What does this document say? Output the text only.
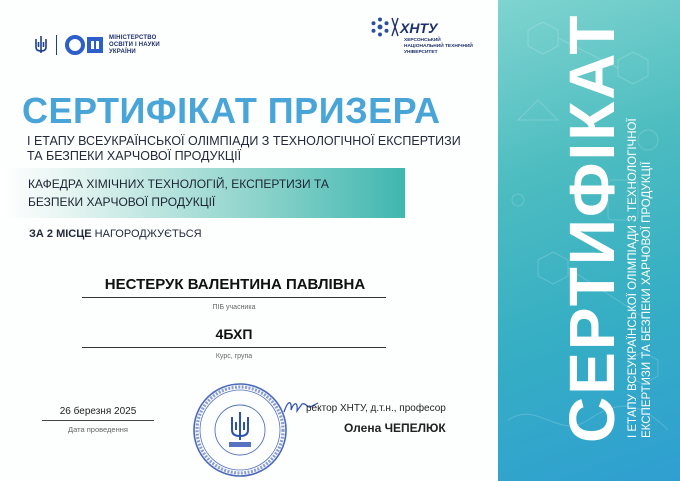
МІНІСТЕРСТВО
ОСВІТИ І НАУКИ
УКРАЇНИ
ХНТУ
ХЕРСОНСЬКИЙ
НАЦІОНАЛЬНИЙ ТЕХНІЧНИЙ
УНІВЕРСИТЕТ
СЕРТИФІКАТ ПРИЗЕРА
І ЕТАПУ ВСЕУКРАЇНСЬКОЇ ОЛІМПІАДИ З ТЕХНОЛОГІЧНОЇ ЕКСПЕРТИЗИ ТА БЕЗПЕКИ ХАРЧОВОЇ ПРОДУКЦІЇ
КАФЕДРА ХІМІЧНИХ ТЕХНОЛОГІЙ, ЕКСПЕРТИЗИ ТА БЕЗПЕКИ ХАРЧОВОЇ ПРОДУКЦІЇ
ЗА 2 МІСЦЕ НАГОРОДЖУЄТЬСЯ
НЕСТЕРУК ВАЛЕНТИНА ПАВЛІВНА
ПІБ учасника
4БХП
Курс, група
26 березня 2025
Дата проведення
ректор ХНТУ, д.т.н., професор
Олена ЧЕПЕЛЮК СЕРТИФІКАТ І ЕТАПУ ВСЕУКРАЇНСЬКОЇ ОЛІМПІАДИ З ТЕХНОЛОГІЧНОЇ ЕКСПЕРТИЗИ ТА БЕЗПЕКИ ХАРЧОВОЇ ПРОДУКЦІЇ
